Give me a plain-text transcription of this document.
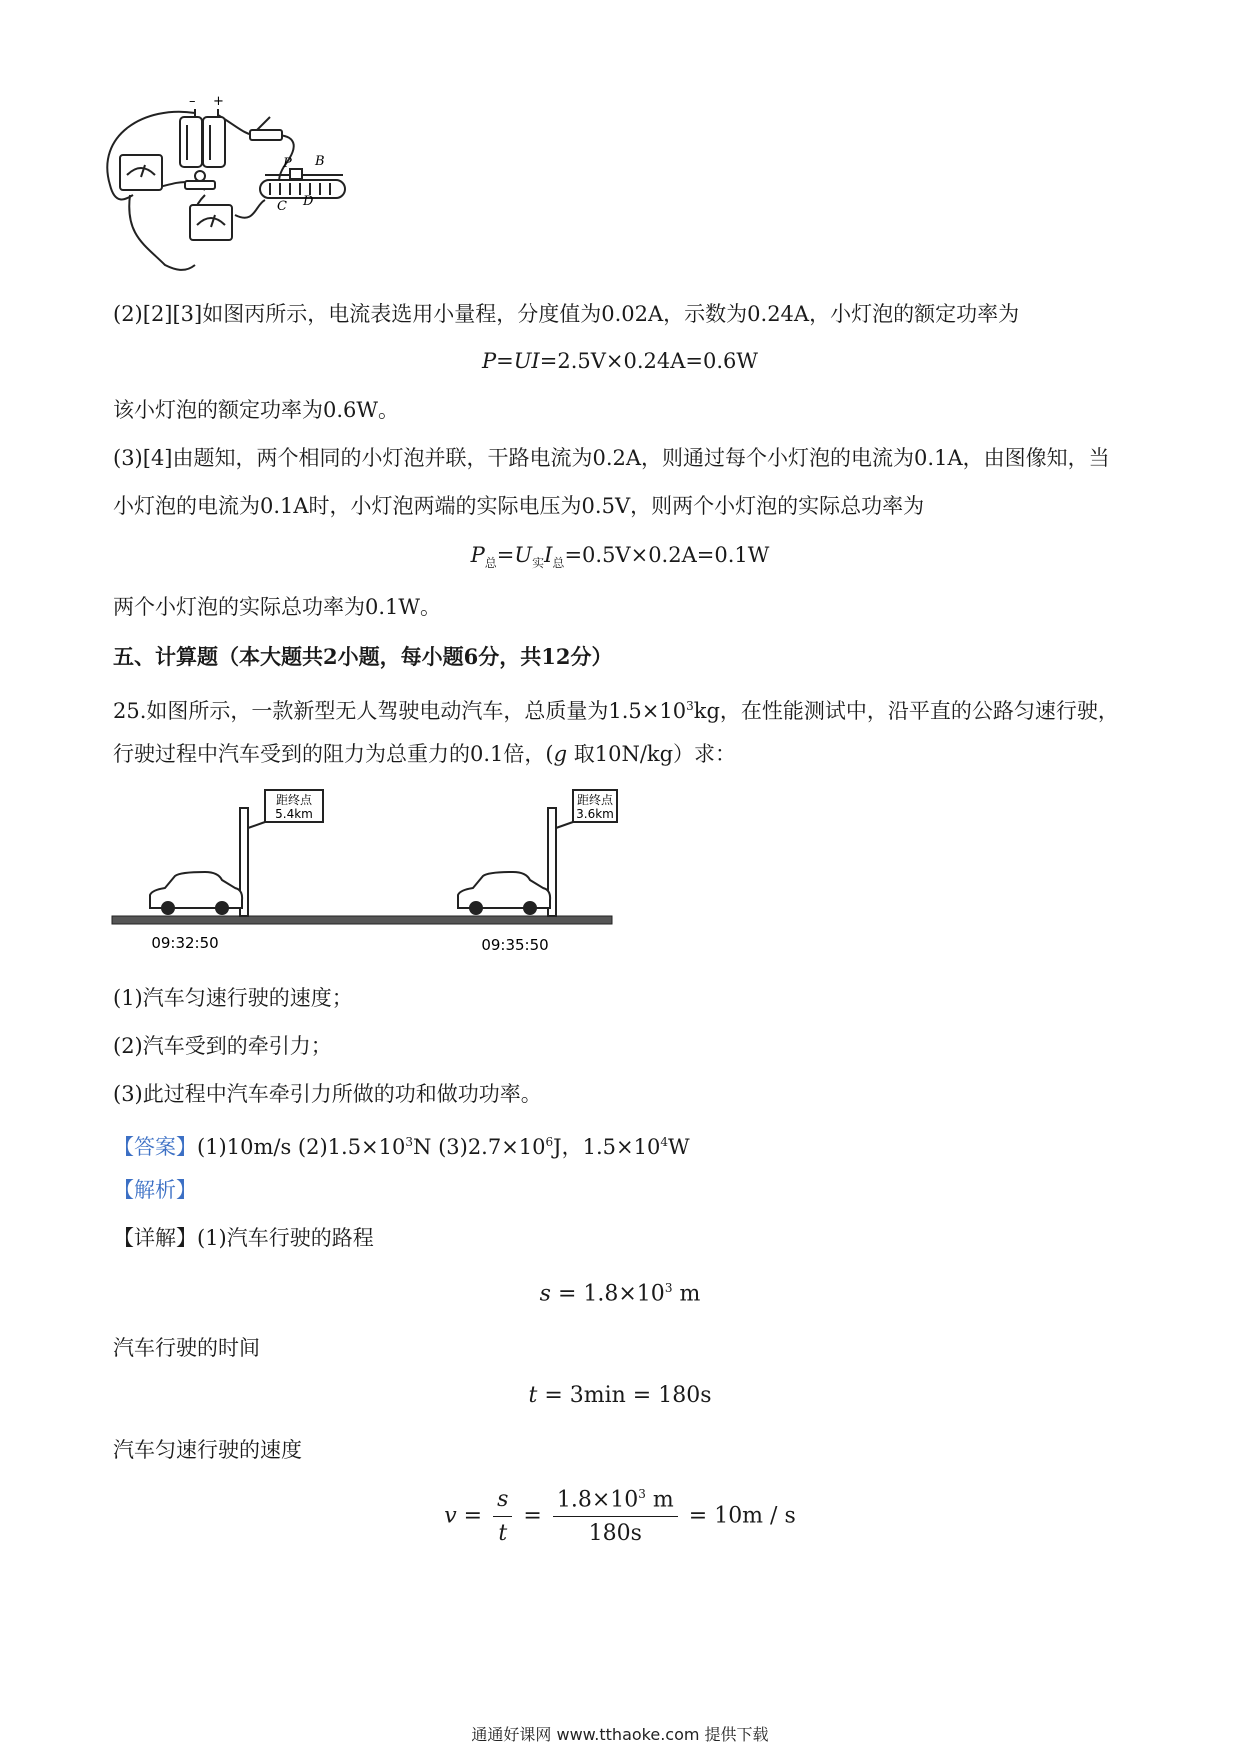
– +
P B
C D
(2)[2][3]如图丙所示，电流表选用小量程，分度值为0.02A，示数为0.24A，小灯泡的额定功率为
P=UI=2.5V×0.24A=0.6W
该小灯泡的额定功率为0.6W。
(3)[4]由题知，两个相同的小灯泡并联，干路电流为0.2A，则通过每个小灯泡的电流为0.1A，由图像知，当
小灯泡的电流为0.1A时，小灯泡两端的实际电压为0.5V，则两个小灯泡的实际总功率为
$P_总=U_实I_总=0.5V\times 0.2A=0.1W$
两个小灯泡的实际总功率为0.1W。
五、计算题（本大题共2小题，每小题6分，共12分）
25.如图所示，一款新型无人驾驶电动汽车，总质量为$1.5\times 10^3kg$，在性能测试中，沿平直的公路匀速行驶，
行驶过程中汽车受到的阻力为总重力的0.1倍，(g 取10N/kg）求：
距终点
5.4km
距终点
3.6km
09:32:50	09:35:50
(1)汽车匀速行驶的速度；
(2)汽车受到的牵引力；
(3)此过程中汽车牵引力所做的功和做功功率。
【答案】(1)10m/s $(2)1.5\times 10^3N$ $(3)2.7\times 10^6J$，$1.5\times 10^4W$
【解析】
【详解】(1)汽车行驶的路程
$s = 1.8\times 10^3$ m
汽车行驶的时间
t = 3min = 180s
汽车匀速行驶的速度
$v = \frac{s}{t} = \frac{1.8\times 10^3 m}{180s} = 10m / s$
通通好课网 www.tthaoke.com 提供下载
